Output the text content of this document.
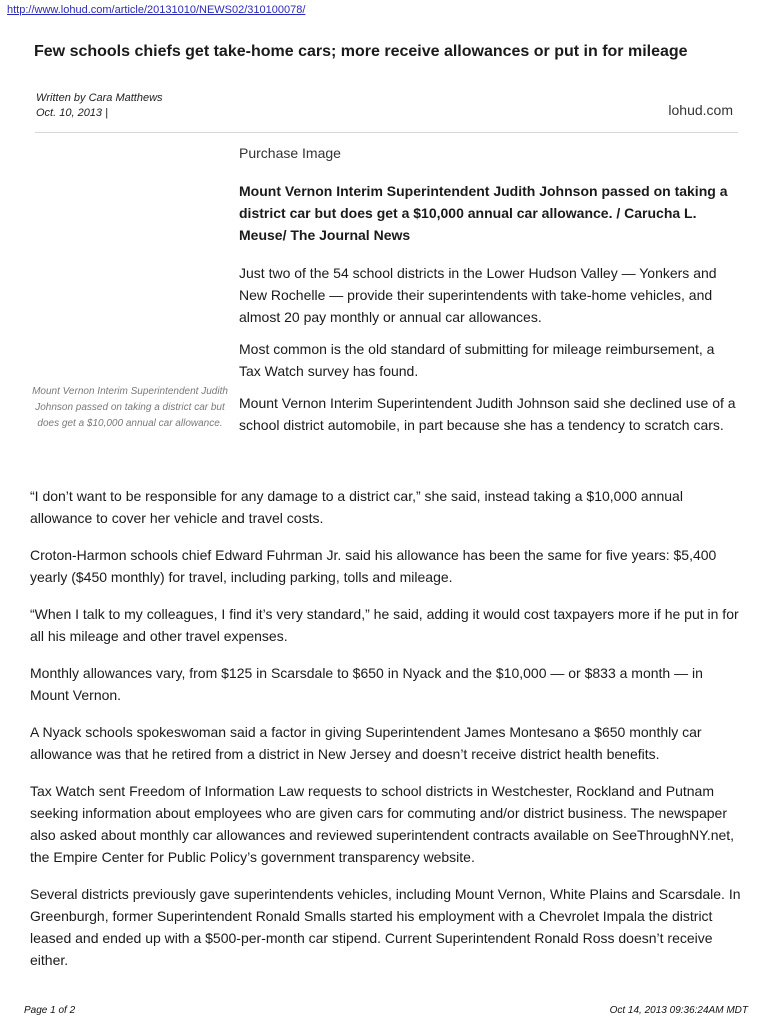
http://www.lohud.com/article/20131010/NEWS02/310100078/
Few schools chiefs get take-home cars; more receive allowances or put in for mileage
Written by Cara Matthews
Oct. 10, 2013 |	lohud.com
Mount Vernon Interim Superintendent Judith Johnson passed on taking a district car but does get a $10,000 annual car allowance.
Purchase Image
Mount Vernon Interim Superintendent Judith Johnson passed on taking a district car but does get a $10,000 annual car allowance. / Carucha L. Meuse/ The Journal News

Just two of the 54 school districts in the Lower Hudson Valley — Yonkers and New Rochelle — provide their superintendents with take-home vehicles, and almost 20 pay monthly or annual car allowances.

Most common is the old standard of submitting for mileage reimbursement, a Tax Watch survey has found.

Mount Vernon Interim Superintendent Judith Johnson said she declined use of a school district automobile, in part because she has a tendency to scratch cars.

“I don’t want to be responsible for any damage to a district car,” she said, instead taking a $10,000 annual allowance to cover her vehicle and travel costs.

Croton-Harmon schools chief Edward Fuhrman Jr. said his allowance has been the same for five years: $5,400 yearly ($450 monthly) for travel, including parking, tolls and mileage.

“When I talk to my colleagues, I find it’s very standard,” he said, adding it would cost taxpayers more if he put in for all his mileage and other travel expenses.

Monthly allowances vary, from $125 in Scarsdale to $650 in Nyack and the $10,000 — or $833 a month — in Mount Vernon.

A Nyack schools spokeswoman said a factor in giving Superintendent James Montesano a $650 monthly car allowance was that he retired from a district in New Jersey and doesn’t receive district health benefits.

Tax Watch sent Freedom of Information Law requests to school districts in Westchester, Rockland and Putnam seeking information about employees who are given cars for commuting and/or district business. The newspaper also asked about monthly car allowances and reviewed superintendent contracts available on SeeThroughNY.net, the Empire Center for Public Policy’s government transparency website.

Several districts previously gave superintendents vehicles, including Mount Vernon, White Plains and Scarsdale. In Greenburgh, former Superintendent Ronald Smalls started his employment with a Chevrolet Impala the district leased and ended up with a $500-per-month car stipend. Current Superintendent Ronald Ross doesn’t receive either.

Page 1 of 2	Oct 14, 2013 09:36:24AM MDT
